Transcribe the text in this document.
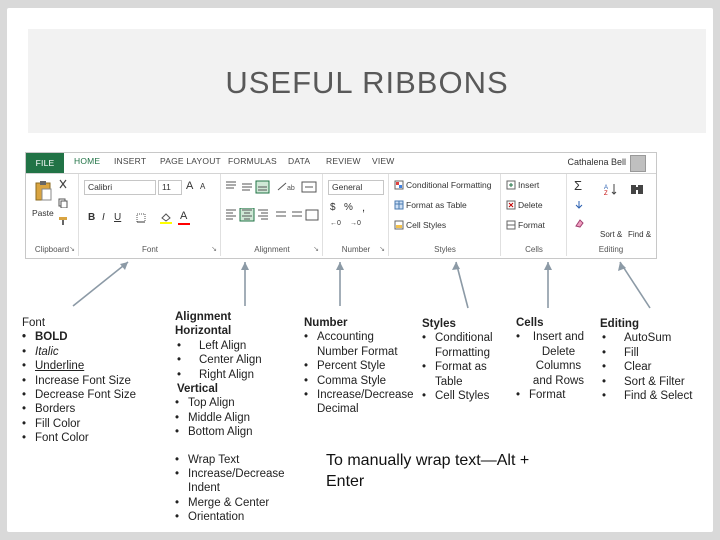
USEFUL RIBBONS
FILE	HOME INSERT PAGE LAYOUT FORMULAS DATA REVIEW VIEW	Cathalena Bell
Paste
Clipboard ↘
Calibri	11 A A
B I U	A
Font	↘
ab
Alignment	↘
General
$ % ,
←0 →0
Number	↘
Conditional Formatting
Format as Table
Cell Styles
Styles
Insert
Delete
Format
Cells
Σ	A
Z
Sort & Find &
Editing
Font
• BOLD
• Italic
• Underline
• Increase Font Size
• Decrease Font Size
• Borders
• Fill Color
• Font Color
Alignment
Horizontal
• Left Align
• Center Align
• Right Align
Vertical
• Top Align
• Middle Align
• Bottom Align
• Wrap Text
• Increase/Decrease Indent
• Merge & Center
• Orientation
Number
• Accounting Number Format
• Percent Style
• Comma Style
• Increase/Decrease Decimal
Styles
• Conditional Formatting
• Format as Table
• Cell Styles
Cells
• Insert and Delete Columns and Rows
• Format
Editing
• AutoSum
• Fill
• Clear
• Sort & Filter
• Find & Select
To manually wrap text—Alt + Enter
